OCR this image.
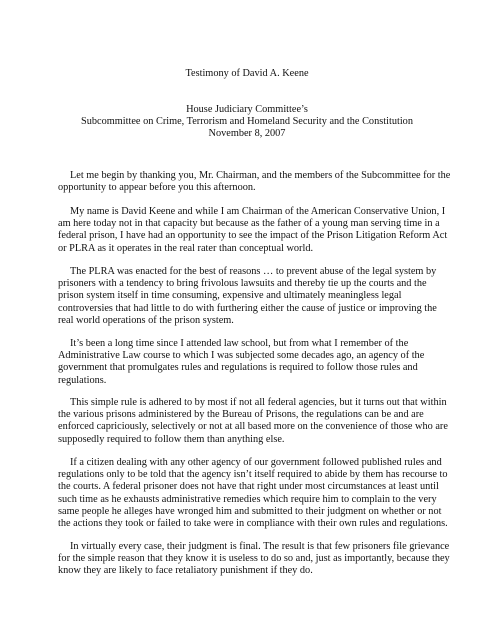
Testimony of David A. Keene
House Judiciary Committee’s
Subcommittee on Crime, Terrorism and Homeland Security and the Constitution
November 8, 2007

Let me begin by thanking you, Mr. Chairman, and the members of the Subcommittee for the
opportunity to appear before you this afternoon.

My name is David Keene and while I am Chairman of the American Conservative Union, I
am here today not in that capacity but because as the father of a young man serving time in a
federal prison, I have had an opportunity to see the impact of the Prison Litigation Reform Act
or PLRA as it operates in the real rater than conceptual world.

The PLRA was enacted for the best of reasons … to prevent abuse of the legal system by
prisoners with a tendency to bring frivolous lawsuits and thereby tie up the courts and the
prison system itself in time consuming, expensive and ultimately meaningless legal
controversies that had little to do with furthering either the cause of justice or improving the
real world operations of the prison system.

It’s been a long time since I attended law school, but from what I remember of the
Administrative Law course to which I was subjected some decades ago, an agency of the
government that promulgates rules and regulations is required to follow those rules and
regulations.

This simple rule is adhered to by most if not all federal agencies, but it turns out that within
the various prisons administered by the Bureau of Prisons, the regulations can be and are
enforced capriciously, selectively or not at all based more on the convenience of those who are
supposedly required to follow them than anything else.

If a citizen dealing with any other agency of our government followed published rules and
regulations only to be told that the agency isn’t itself required to abide by them has recourse to
the courts. A federal prisoner does not have that right under most circumstances at least until
such time as he exhausts administrative remedies which require him to complain to the very
same people he alleges have wronged him and submitted to their judgment on whether or not
the actions they took or failed to take were in compliance with their own rules and regulations.

In virtually every case, their judgment is final. The result is that few prisoners file grievance
for the simple reason that they know it is useless to do so and, just as importantly, because they
know they are likely to face retaliatory punishment if they do.
